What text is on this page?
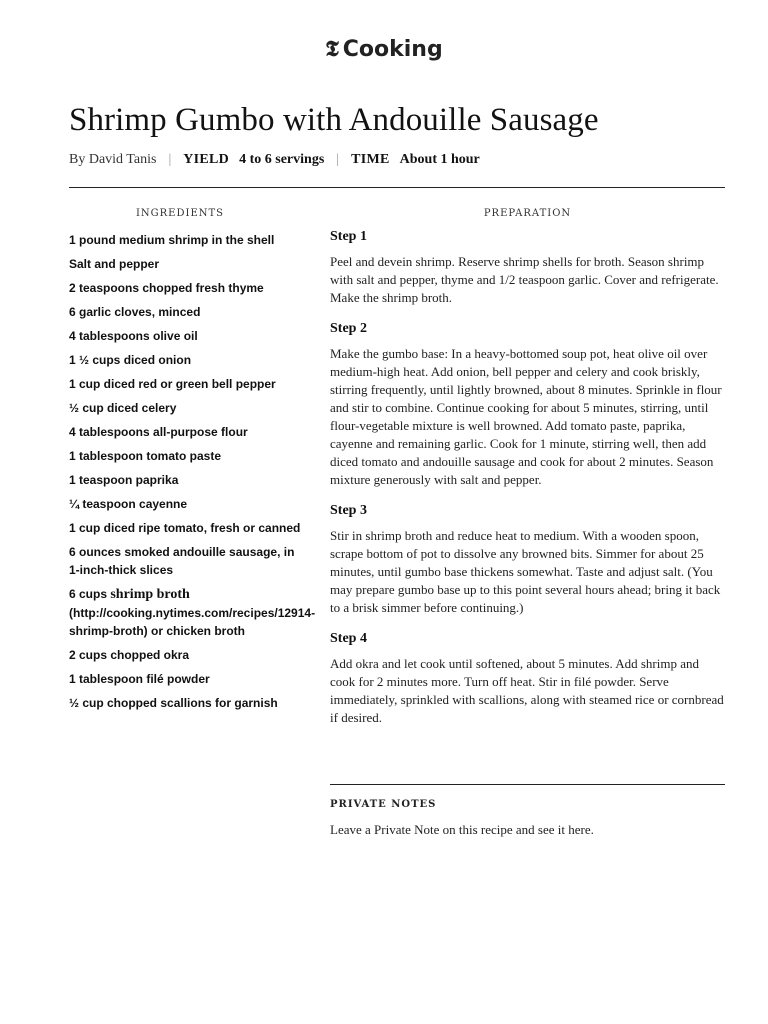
𝕿 Cooking
Shrimp Gumbo with Andouille Sausage
By David Tanis | YIELD 4 to 6 servings | TIME About 1 hour
INGREDIENTS	PREPARATION
1 pound medium shrimp in the shell
Salt and pepper
2 teaspoons chopped fresh thyme
6 garlic cloves, minced
4 tablespoons olive oil
1 ½ cups diced onion
1 cup diced red or green bell pepper
½ cup diced celery
4 tablespoons all-purpose flour
1 tablespoon tomato paste
1 teaspoon paprika
¼ teaspoon cayenne
1 cup diced ripe tomato, fresh or canned
6 ounces smoked andouille sausage, in 1-inch-thick slices
6 cups shrimp broth (http://cooking.nytimes.com/recipes/12914-shrimp-broth) or chicken broth
2 cups chopped okra
1 tablespoon filé powder
½ cup chopped scallions for garnish

Step 1

Peel and devein shrimp. Reserve shrimp shells for broth. Season shrimp with salt and pepper, thyme and 1/2 teaspoon garlic. Cover and refrigerate. Make the shrimp broth.

Step 2

Make the gumbo base: In a heavy-bottomed soup pot, heat olive oil over medium-high heat. Add onion, bell pepper and celery and cook briskly, stirring frequently, until lightly browned, about 8 minutes. Sprinkle in flour and stir to combine. Continue cooking for about 5 minutes, stirring, until flour-vegetable mixture is well browned. Add tomato paste, paprika, cayenne and remaining garlic. Cook for 1 minute, stirring well, then add diced tomato and andouille sausage and cook for about 2 minutes. Season mixture generously with salt and pepper.

Step 3

Stir in shrimp broth and reduce heat to medium. With a wooden spoon, scrape bottom of pot to dissolve any browned bits. Simmer for about 25 minutes, until gumbo base thickens somewhat. Taste and adjust salt. (You may prepare gumbo base up to this point several hours ahead; bring it back to a brisk simmer before continuing.)

Step 4

Add okra and let cook until softened, about 5 minutes. Add shrimp and cook for 2 minutes more. Turn off heat. Stir in filé powder. Serve immediately, sprinkled with scallions, along with steamed rice or cornbread if desired.

PRIVATE NOTES
Leave a Private Note on this recipe and see it here.
